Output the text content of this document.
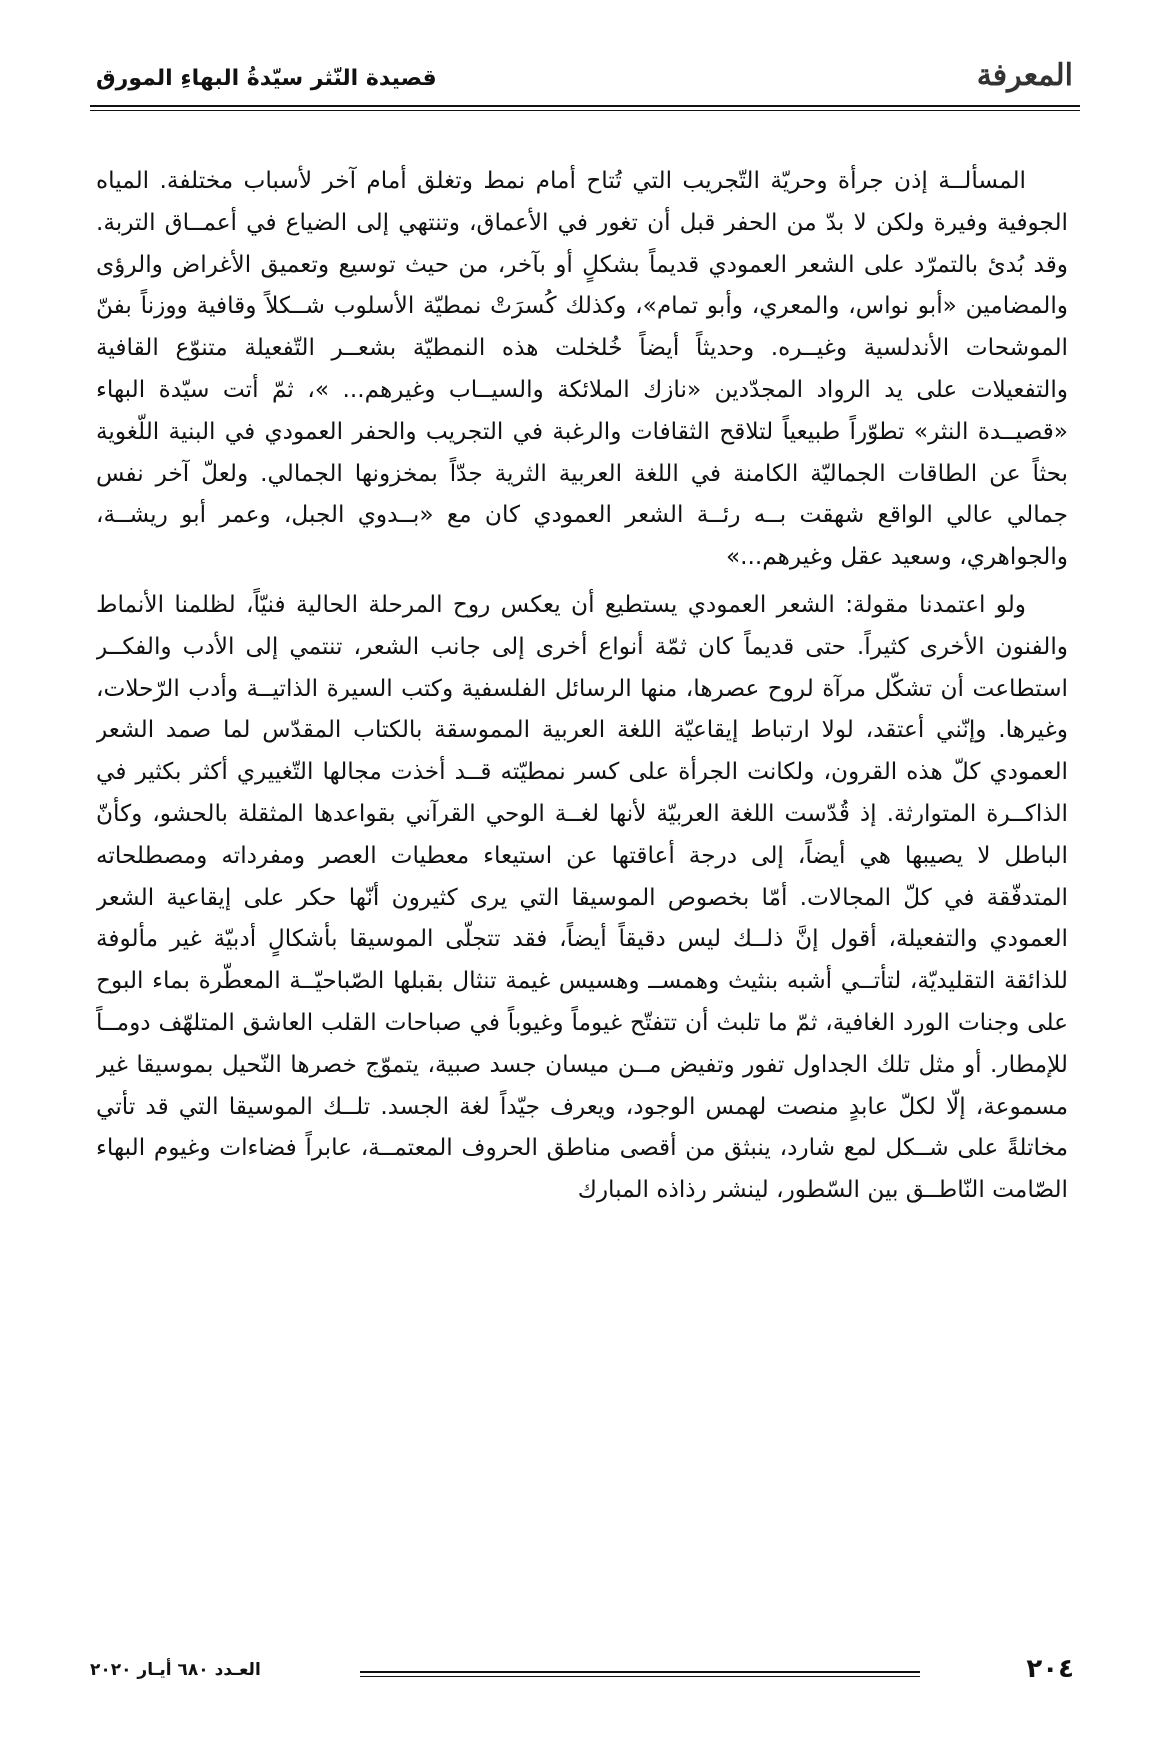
المعرفة
قصيدة النّثر سيّدةُ البهاءِ المورق

المسألــة إذن جرأة وحريّة التّجريب التي تُتاح أمام نمط وتغلق أمام آخر لأسباب مختلفة. المياه الجوفية وفيرة ولكن لا بدّ من الحفر قبل أن تغور في الأعماق، وتنتهي إلى الضياع في أعمــاق التربة. وقد بُدئ بالتمرّد على الشعر العمودي قديماً بشكلٍ أو بآخر، من حيث توسيع وتعميق الأغراض والرؤى والمضامين «أبو نواس، والمعري، وأبو تمام»، وكذلك كُسرَتْ نمطيّة الأسلوب شــكلاً وقافية ووزناً بفنّ الموشحات الأندلسية وغيــره. وحديثاً أيضاً خُلخلت هذه النمطيّة بشعــر التّفعيلة متنوّع القافية والتفعيلات على يد الرواد المجدّدين «نازك الملائكة والسيــاب وغيرهم... »، ثمّ أتت سيّدة البهاء «قصيــدة النثر» تطوّراً طبيعياً لتلاقح الثقافات والرغبة في التجريب والحفر العمودي في البنية اللّغوية بحثاً عن الطاقات الجماليّة الكامنة في اللغة العربية الثرية جدّاً بمخزونها الجمالي. ولعلّ آخر نفس جمالي عالي الواقع شهقت بــه رئــة الشعر العمودي كان مع «بــدوي الجبل، وعمر أبو ريشــة، والجواهري، وسعيد عقل وغيرهم...»

ولو اعتمدنا مقولة: الشعر العمودي يستطيع أن يعكس روح المرحلة الحالية فنيّاً، لظلمنا الأنماط والفنون الأخرى كثيراً. حتى قديماً كان ثمّة أنواع أخرى إلى جانب الشعر، تنتمي إلى الأدب والفكــر استطاعت أن تشكّل مرآة لروح عصرها، منها الرسائل الفلسفية وكتب السيرة الذاتيــة وأدب الرّحلات، وغيرها. وإنّني أعتقد، لولا ارتباط إيقاعيّة اللغة العربية المموسقة بالكتاب المقدّس لما صمد الشعر العمودي كلّ هذه القرون، ولكانت الجرأة على كسر نمطيّته قــد أخذت مجالها التّغييري أكثر بكثير في الذاكــرة المتوارثة. إذ قُدّست اللغة العربيّة لأنها لغــة الوحي القرآني بقواعدها المثقلة بالحشو، وكأنّ الباطل لا يصيبها هي أيضاً، إلى درجة أعاقتها عن استيعاء معطيات العصر ومفرداته ومصطلحاته المتدفّقة في كلّ المجالات. أمّا بخصوص الموسيقا التي يرى كثيرون أنّها حكر على إيقاعية الشعر العمودي والتفعيلة، أقول إنَّ ذلــك ليس دقيقاً أيضاً، فقد تتجلّى الموسيقا بأشكالٍ أدبيّة غير مألوفة للذائقة التقليديّة، لتأتــي أشبه بنثيث وهمســ وهسيس غيمة تنثال بقبلها الصّباحيّــة المعطّرة بماء البوح على وجنات الورد الغافية، ثمّ ما تلبث أن تتفتّح غيوماً وغيوباً في صباحات القلب العاشق المتلهّف دومــاً للإمطار. أو مثل تلك الجداول تفور وتفيض مــن ميسان جسد صبية، يتموّج خصرها النّحيل بموسيقا غير مسموعة، إلّا لكلّ عابدٍ منصت لهمس الوجود، ويعرف جيّداً لغة الجسد. تلــك الموسيقا التي قد تأتي مخاتلةً على شــكل لمع شارد، ينبثق من أقصى مناطق الحروف المعتمــة، عابراً فضاءات وغيوم البهاء الصّامت النّاطــق بين السّطور، لينشر رذاذه المبارك

٢٠٤
العـدد ٦٨٠ أيـار ٢٠٢٠
